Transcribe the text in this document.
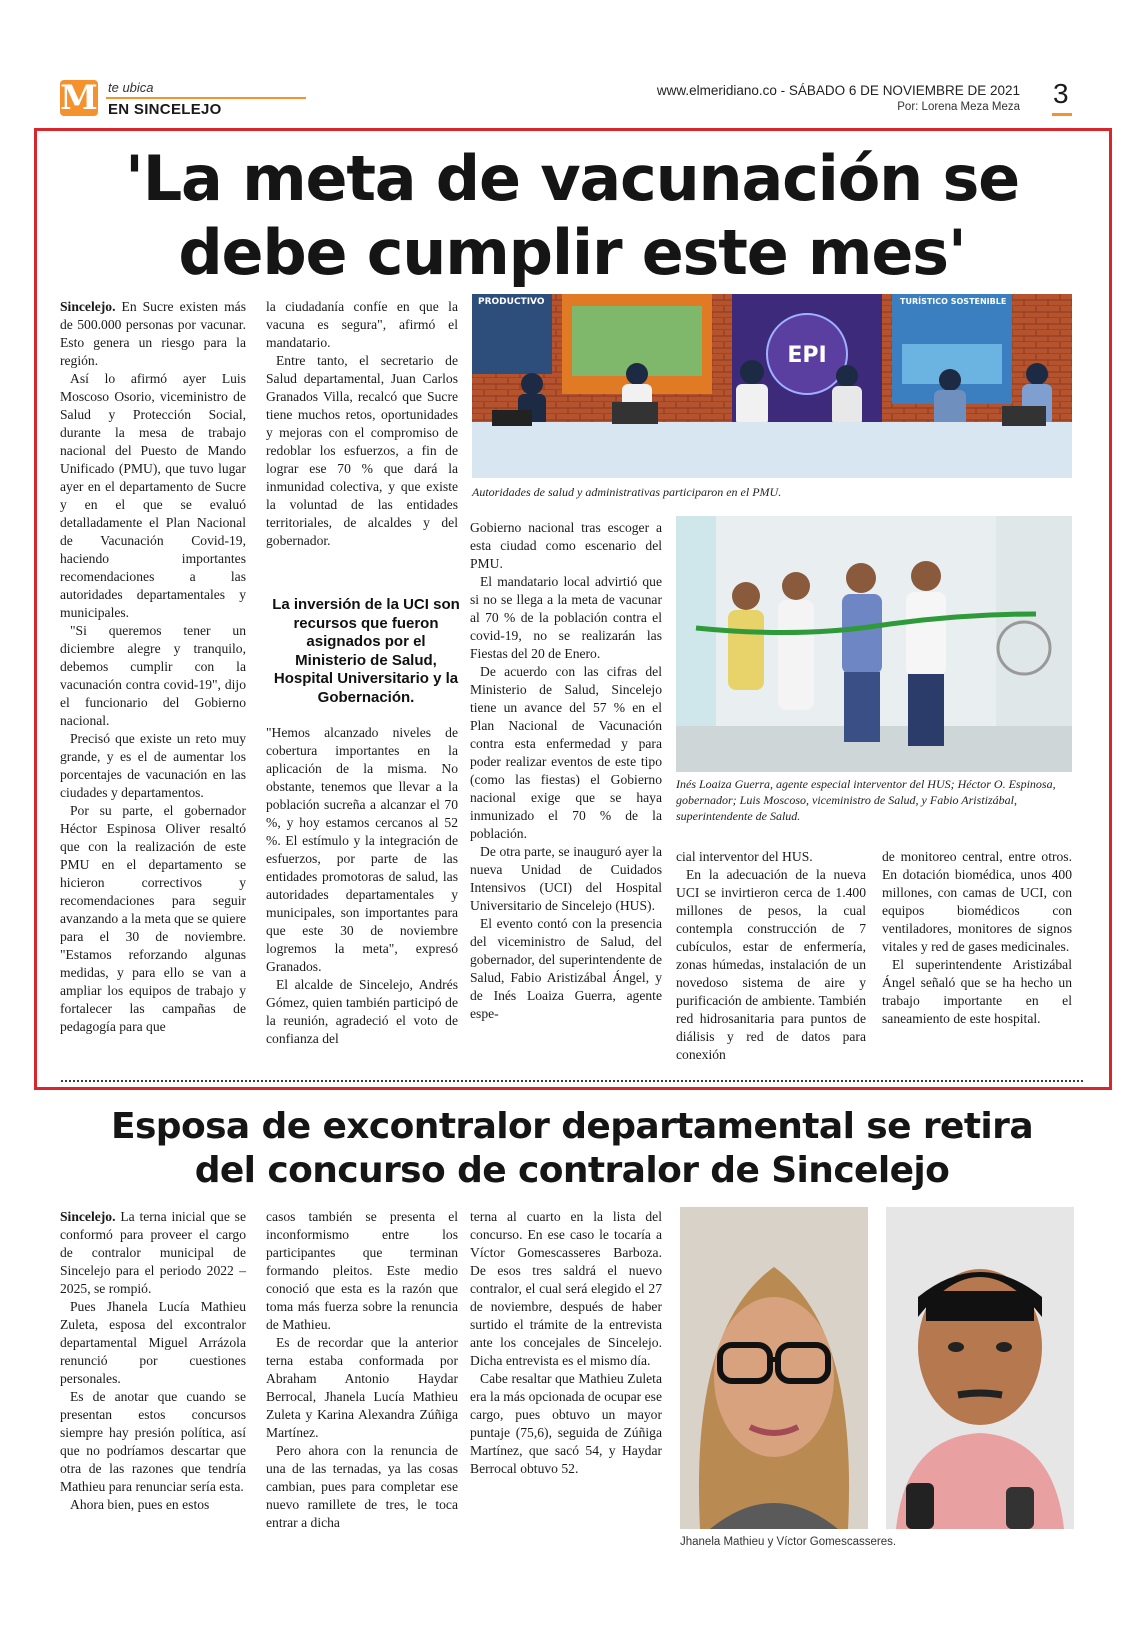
M te ubica
EN SINCELEJO
www.elmeridiano.co - SÁBADO 6 DE NOVIEMBRE DE 2021
Por: Lorena Meza Meza 3
'La meta de vacunación se
debe cumplir este mes'

Sincelejo. En Sucre existen más de 500.000 personas por vacunar. Esto genera un riesgo para la región.

Así lo afirmó ayer Luis Moscoso Osorio, viceministro de Salud y Protección Social, durante la mesa de trabajo nacional del Puesto de Mando Unificado (PMU), que tuvo lugar ayer en el departamento de Sucre y en el que se evaluó detalladamente el Plan Nacional de Vacunación Covid-19, haciendo importantes recomendaciones a las autoridades departamentales y municipales.

"Si queremos tener un diciembre alegre y tranquilo, debemos cumplir con la vacunación contra covid-19", dijo el funcionario del Gobierno nacional.

Precisó que existe un reto muy grande, y es el de aumentar los porcentajes de vacunación en las ciudades y departamentos.

Por su parte, el gobernador Héctor Espinosa Oliver resaltó que con la realización de este PMU en el departamento se hicieron correctivos y recomendaciones para seguir avanzando a la meta que se quiere para el 30 de noviembre. "Estamos reforzando algunas medidas, y para ello se van a ampliar los equipos de trabajo y fortalecer las campañas de pedagogía para que

la ciudadanía confíe en que la vacuna es segura", afirmó el mandatario.

Entre tanto, el secretario de Salud departamental, Juan Carlos Granados Villa, recalcó que Sucre tiene muchos retos, oportunidades y mejoras con el compromiso de redoblar los esfuerzos, a fin de lograr ese 70 % que dará la inmunidad colectiva, y que existe la voluntad de las entidades territoriales, de alcaldes y del gobernador.

La inversión de la UCI son recursos que fueron asignados por el Ministerio de Salud, Hospital Universitario y la Gobernación.

"Hemos alcanzado niveles de cobertura importantes en la aplicación de la misma. No obstante, tenemos que llevar a la población sucreña a alcanzar el 70 %, y hoy estamos cercanos al 52 %. El estímulo y la integración de esfuerzos, por parte de las entidades promotoras de salud, las autoridades departamentales y municipales, son importantes para que este 30 de noviembre logremos la meta", expresó Granados.

El alcalde de Sincelejo, Andrés Gómez, quien también participó de la reunión, agradeció el voto de confianza del

PRODUCTIVO
EPI
TURÍSTICO SOSTENIBLE
Autoridades de salud y administrativas participaron en el PMU.

Gobierno nacional tras escoger a esta ciudad como escenario del PMU.

El mandatario local advirtió que si no se llega a la meta de vacunar al 70 % de la población contra el covid-19, no se realizarán las Fiestas del 20 de Enero.

De acuerdo con las cifras del Ministerio de Salud, Sincelejo tiene un avance del 57 % en el Plan Nacional de Vacunación contra esta enfermedad y para poder realizar eventos de este tipo (como las fiestas) el Gobierno nacional exige que se haya inmunizado el 70 % de la población.

De otra parte, se inauguró ayer la nueva Unidad de Cuidados Intensivos (UCI) del Hospital Universitario de Sincelejo (HUS).

El evento contó con la presencia del viceministro de Salud, del gobernador, del superintendente de Salud, Fabio Aristizábal Ángel, y de Inés Loaiza Guerra, agente espe-

Inés Loaiza Guerra, agente especial interventor del HUS; Héctor O. Espinosa, gobernador; Luis Moscoso, viceministro de Salud, y Fabio Aristizábal, superintendente de Salud.

cial interventor del HUS.

En la adecuación de la nueva UCI se invirtieron cerca de 1.400 millones de pesos, la cual contempla construcción de 7 cubículos, estar de enfermería, zonas húmedas, instalación de un novedoso sistema de aire y purificación de ambiente. También red hidrosanitaria para puntos de diálisis y red de datos para conexión

de monitoreo central, entre otros. En dotación biomédica, unos 400 millones, con camas de UCI, con equipos biomédicos con ventiladores, monitores de signos vitales y red de gases medicinales.

El superintendente Aristizábal Ángel señaló que se ha hecho un trabajo importante en el saneamiento de este hospital.

Esposa de excontralor departamental se retira
del concurso de contralor de Sincelejo

Sincelejo. La terna inicial que se conformó para proveer el cargo de contralor municipal de Sincelejo para el periodo 2022 – 2025, se rompió.

Pues Jhanela Lucía Mathieu Zuleta, esposa del excontralor departamental Miguel Arrázola renunció por cuestiones personales.

Es de anotar que cuando se presentan estos concursos siempre hay presión política, así que no podríamos descartar que otra de las razones que tendría Mathieu para renunciar sería esta.

Ahora bien, pues en estos

casos también se presenta el inconformismo entre los participantes que terminan formando pleitos. Este medio conoció que esta es la razón que toma más fuerza sobre la renuncia de Mathieu.

Es de recordar que la anterior terna estaba conformada por Abraham Antonio Haydar Berrocal, Jhanela Lucía Mathieu Zuleta y Karina Alexandra Zúñiga Martínez.

Pero ahora con la renuncia de una de las ternadas, ya las cosas cambian, pues para completar ese nuevo ramillete de tres, le toca entrar a dicha

terna al cuarto en la lista del concurso. En ese caso le tocaría a Víctor Gomescasseres Barboza. De esos tres saldrá el nuevo contralor, el cual será elegido el 27 de noviembre, después de haber surtido el trámite de la entrevista ante los concejales de Sincelejo. Dicha entrevista es el mismo día.

Cabe resaltar que Mathieu Zuleta era la más opcionada de ocupar ese cargo, pues obtuvo un mayor puntaje (75,6), seguida de Zúñiga Martínez, que sacó 54, y Haydar Berrocal obtuvo 52.

Jhanela Mathieu y Víctor Gomescasseres.
